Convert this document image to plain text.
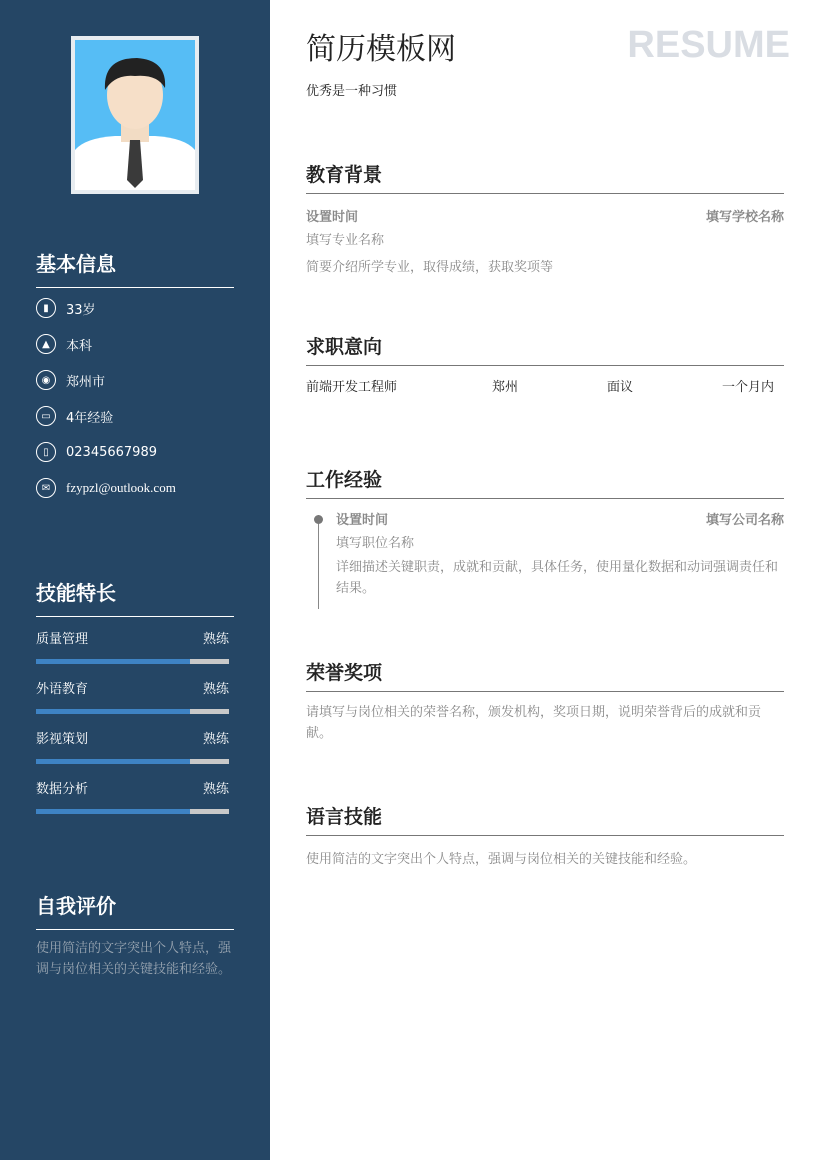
基本信息
▮	33岁
▲	本科
◉	郑州市
▭	4年经验
▯	02345667989
✉	fzypzl@outlook.com
技能特长
质量管理	熟练
外语教育	熟练
影视策划	熟练
数据分析	熟练
自我评价
使用简洁的文字突出个人特点，强调与岗位相关的关键技能和经验。
简历模板网	RESUME
优秀是一种习惯
教育背景
设置时间	填写学校名称
填写专业名称
简要介绍所学专业，取得成绩，获取奖项等
求职意向
前端开发工程师	郑州	面议	一个月内
工作经验
设置时间	填写公司名称
填写职位名称
详细描述关键职责，成就和贡献，具体任务，使用量化数据和动词强调责任和结果。
荣誉奖项
请填写与岗位相关的荣誉名称，颁发机构，奖项日期，说明荣誉背后的成就和贡献。
语言技能
使用简洁的文字突出个人特点，强调与岗位相关的关键技能和经验。
